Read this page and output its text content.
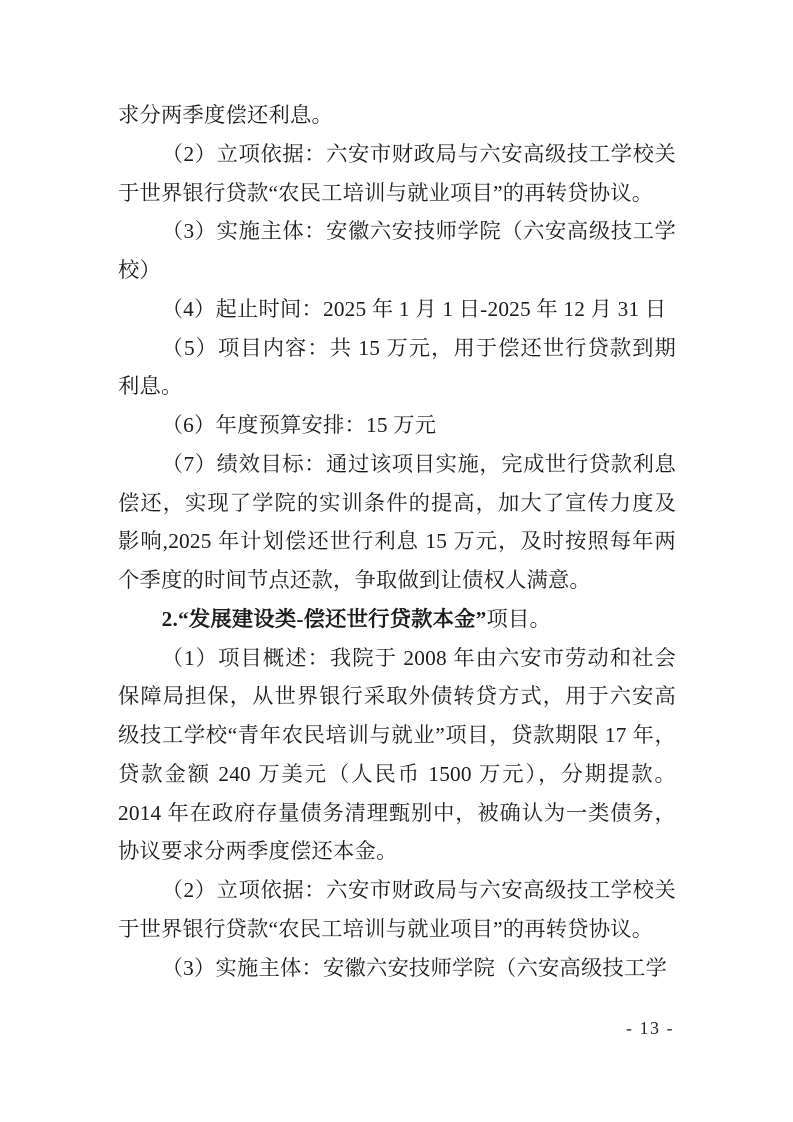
求分两季度偿还利息。

（2）立项依据：六安市财政局与六安高级技工学校关于世界银行贷款“农民工培训与就业项目”的再转贷协议。

（3）实施主体：安徽六安技师学院（六安高级技工学校）

（4）起止时间：2025 年 1 月 1 日-2025 年 12 月 31 日

（5）项目内容：共 15 万元，用于偿还世行贷款到期利息。

（6）年度预算安排：15 万元

（7）绩效目标：通过该项目实施，完成世行贷款利息偿还，实现了学院的实训条件的提高，加大了宣传力度及影响,2025 年计划偿还世行利息 15 万元，及时按照每年两个季度的时间节点还款，争取做到让债权人满意。

2.“发展建设类-偿还世行贷款本金”项目。

（1）项目概述：我院于 2008 年由六安市劳动和社会保障局担保，从世界银行采取外债转贷方式，用于六安高级技工学校“青年农民培训与就业”项目，贷款期限 17 年，贷款金额 240 万美元（人民币 1500 万元），分期提款。2014 年在政府存量债务清理甄别中，被确认为一类债务，协议要求分两季度偿还本金。

（2）立项依据：六安市财政局与六安高级技工学校关于世界银行贷款“农民工培训与就业项目”的再转贷协议。

（3）实施主体：安徽六安技师学院（六安高级技工学

- 13 -
